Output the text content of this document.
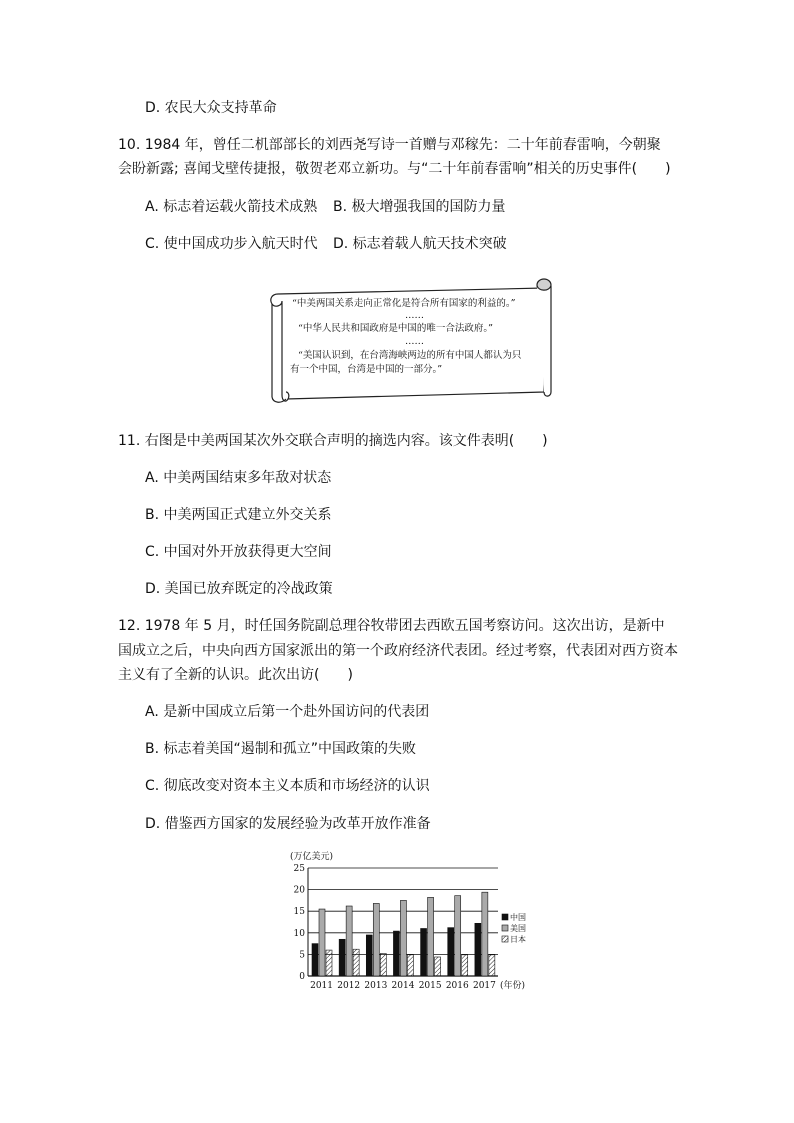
D. 农民大众支持革命
10. 1984 年，曾任二机部部长的刘西尧写诗一首赠与邓稼先：二十年前春雷响，今朝聚
会盼新露; 喜闻戈壁传捷报，敬贺老邓立新功。与“二十年前春雷响”相关的历史事件(　　)
A. 标志着运载火箭技术成熟 B. 极大增强我国的国防力量
C. 使中国成功步入航天时代 D. 标志着载人航天技术突破
“中美两国关系走向正常化是符合所有国家的利益的。”
……
“中华人民共和国政府是中国的唯一合法政府。”
……
“美国认识到，在台湾海峡两边的所有中国人都认为只
有一个中国，台湾是中国的一部分。”
11. 右图是中美两国某次外交联合声明的摘选内容。该文件表明(　　)
A. 中美两国结束多年敌对状态
B. 中美两国正式建立外交关系
C. 中国对外开放获得更大空间
D. 美国已放弃既定的冷战政策
12. 1978 年 5 月，时任国务院副总理谷牧带团去西欧五国考察访问。这次出访，是新中
国成立之后，中央向西方国家派出的第一个政府经济代表团。经过考察，代表团对西方资本
主义有了全新的认识。此次出访(　　)
A. 是新中国成立后第一个赴外国访问的代表团
B. 标志着美国“遏制和孤立”中国政策的失败
C. 彻底改变对资本主义本质和市场经济的认识
D. 借鉴西方国家的发展经验为改革开放作准备
(万亿美元)
0
5
10
15
20
25
2011 2012 2013 2014 2015 2016 2017
中国
美国
日本
(年份)
